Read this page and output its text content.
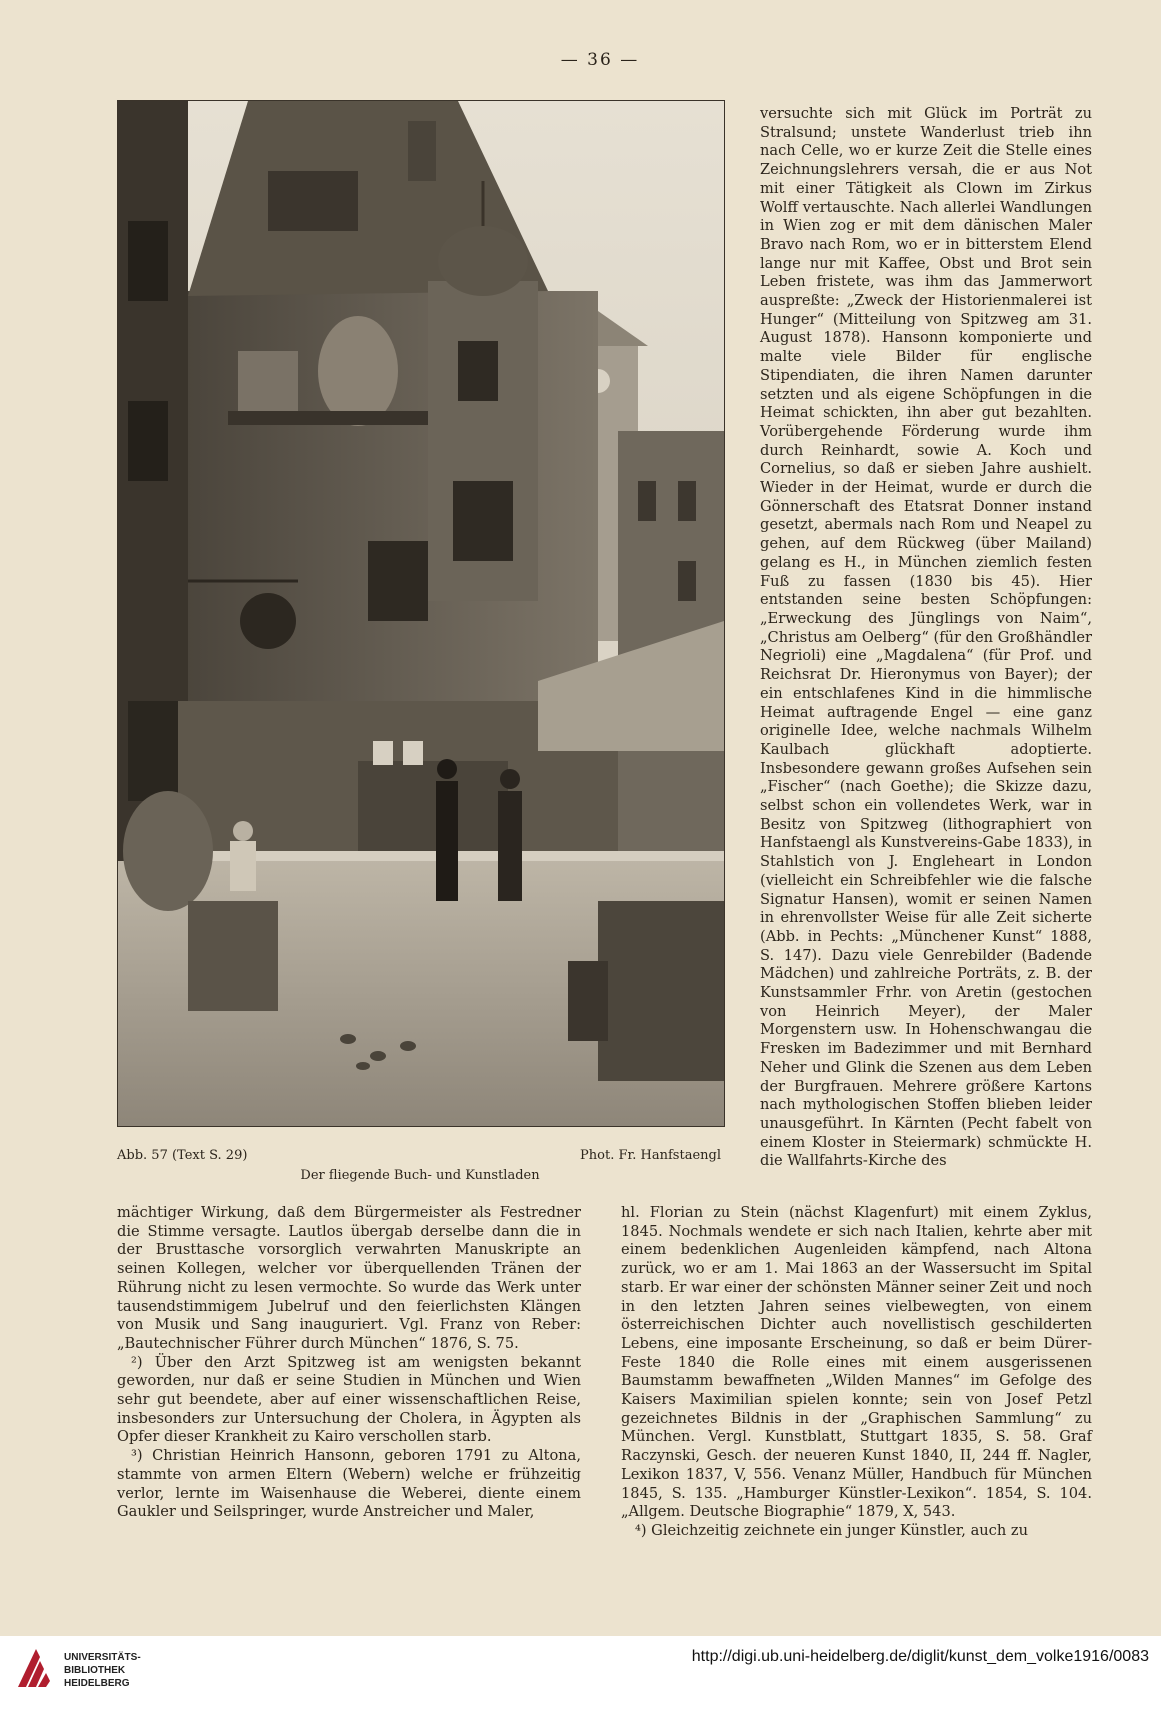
— 36 —
Abb. 57 (Text S. 29)	Phot. Fr. Hanfstaengl
Der fliegende Buch- und Kunstladen

versuchte sich mit Glück im Porträt zu Stralsund; unstete Wanderlust trieb ihn nach Celle, wo er kurze Zeit die Stelle eines Zeichnungslehrers versah, die er aus Not mit einer Tätigkeit als Clown im Zirkus Wolff vertauschte. Nach allerlei Wandlungen in Wien zog er mit dem dänischen Maler Bravo nach Rom, wo er in bitterstem Elend lange nur mit Kaffee, Obst und Brot sein Leben fristete, was ihm das Jammerwort auspreßte: „Zweck der Historienmalerei ist Hunger“ (Mitteilung von Spitzweg am 31. August 1878). Hansonn komponierte und malte viele Bilder für englische Stipendiaten, die ihren Namen darunter setzten und als eigene Schöpfungen in die Heimat schickten, ihn aber gut bezahlten. Vorübergehende Förderung wurde ihm durch Reinhardt, sowie A. Koch und Cornelius, so daß er sieben Jahre aushielt. Wieder in der Heimat, wurde er durch die Gönnerschaft des Etatsrat Donner instand gesetzt, abermals nach Rom und Neapel zu gehen, auf dem Rückweg (über Mailand) gelang es H., in München ziemlich festen Fuß zu fassen (1830 bis 45). Hier entstanden seine besten Schöpfungen: „Erweckung des Jünglings von Naim“, „Christus am Oelberg“ (für den Großhändler Negrioli) eine „Magdalena“ (für Prof. und Reichsrat Dr. Hieronymus von Bayer); der ein entschlafenes Kind in die himmlische Heimat auftragende Engel — eine ganz originelle Idee, welche nachmals Wilhelm Kaulbach glückhaft adoptierte. Insbesondere gewann großes Aufsehen sein „Fischer“ (nach Goethe); die Skizze dazu, selbst schon ein vollendetes Werk, war in Besitz von Spitzweg (lithographiert von Hanfstaengl als Kunstvereins-Gabe 1833), in Stahlstich von J. Engleheart in London (vielleicht ein Schreibfehler wie die falsche Signatur Hansen), womit er seinen Namen in ehrenvollster Weise für alle Zeit sicherte (Abb. in Pechts: „Münchener Kunst“ 1888, S. 147). Dazu viele Genrebilder (Badende Mädchen) und zahlreiche Porträts, z. B. der Kunstsammler Frhr. von Aretin (gestochen von Heinrich Meyer), der Maler Morgenstern usw. In Hohenschwangau die Fresken im Badezimmer und mit Bernhard Neher und Glink die Szenen aus dem Leben der Burgfrauen. Mehrere größere Kartons nach mythologischen Stoffen blieben leider unausgeführt. In Kärnten (Pecht fabelt von einem Kloster in Steiermark) schmückte H. die Wallfahrts-Kirche des

mächtiger Wirkung, daß dem Bürgermeister als Festredner die Stimme versagte. Lautlos übergab derselbe dann die in der Brusttasche vorsorglich verwahrten Manuskripte an seinen Kollegen, welcher vor überquellenden Tränen der Rührung nicht zu lesen vermochte. So wurde das Werk unter tausendstimmigem Jubelruf und den feierlichsten Klängen von Musik und Sang inauguriert. Vgl. Franz von Reber: „Bautechnischer Führer durch München“ 1876, S. 75.

²) Über den Arzt Spitzweg ist am wenigsten bekannt geworden, nur daß er seine Studien in München und Wien sehr gut beendete, aber auf einer wissenschaftlichen Reise, insbesonders zur Untersuchung der Cholera, in Ägypten als Opfer dieser Krankheit zu Kairo verschollen starb.

³) Christian Heinrich Hansonn, geboren 1791 zu Altona, stammte von armen Eltern (Webern) welche er frühzeitig verlor, lernte im Waisenhause die Weberei, diente einem Gaukler und Seilspringer, wurde Anstreicher und Maler,

hl. Florian zu Stein (nächst Klagenfurt) mit einem Zyklus, 1845. Nochmals wendete er sich nach Italien, kehrte aber mit einem bedenklichen Augenleiden kämpfend, nach Altona zurück, wo er am 1. Mai 1863 an der Wassersucht im Spital starb. Er war einer der schönsten Männer seiner Zeit und noch in den letzten Jahren seines vielbewegten, von einem österreichischen Dichter auch novellistisch geschilderten Lebens, eine imposante Erscheinung, so daß er beim Dürer-Feste 1840 die Rolle eines mit einem ausgerissenen Baumstamm bewaffneten „Wilden Mannes“ im Gefolge des Kaisers Maximilian spielen konnte; sein von Josef Petzl gezeichnetes Bildnis in der „Graphischen Sammlung“ zu München. Vergl. Kunstblatt, Stuttgart 1835, S. 58. Graf Raczynski, Gesch. der neueren Kunst 1840, II, 244 ff. Nagler, Lexikon 1837, V, 556. Venanz Müller, Handbuch für München 1845, S. 135. „Hamburger Künstler-Lexikon“. 1854, S. 104. „Allgem. Deutsche Biographie“ 1879, X, 543.

⁴) Gleichzeitig zeichnete ein junger Künstler, auch zu

UNIVERSITÄTS-
BIBLIOTHEK
HEIDELBERG
http://digi.ub.uni-heidelberg.de/diglit/kunst_dem_volke1916/0083
